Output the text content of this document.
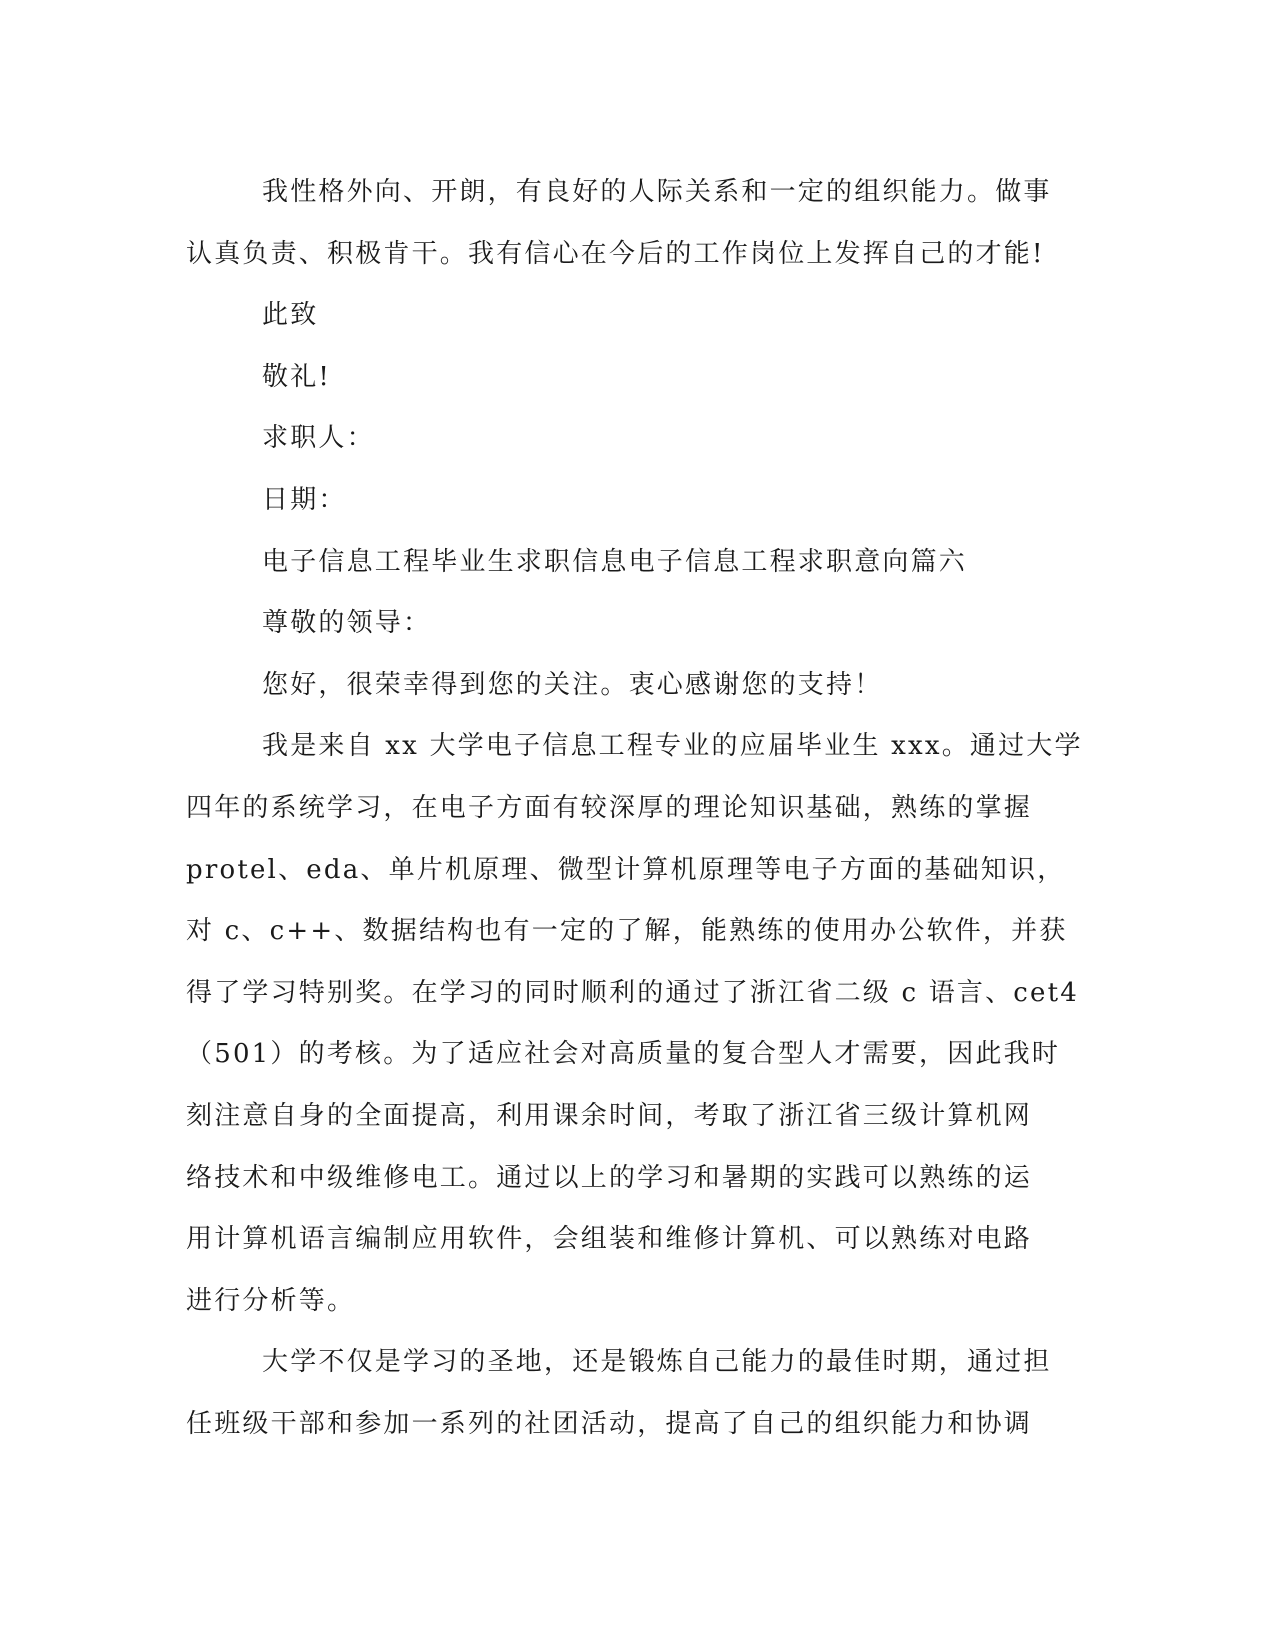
我性格外向、开朗，有良好的人际关系和一定的组织能力。做事

认真负责、积极肯干。我有信心在今后的工作岗位上发挥自己的才能!

此致

敬礼!

求职人：

日期：

电子信息工程毕业生求职信息电子信息工程求职意向篇六

尊敬的领导：

您好，很荣幸得到您的关注。衷心感谢您的支持！

我是来自 xx 大学电子信息工程专业的应届毕业生 xxx。通过大学

四年的系统学习，在电子方面有较深厚的理论知识基础，熟练的掌握

protel、eda、单片机原理、微型计算机原理等电子方面的基础知识，

对 c、c++、数据结构也有一定的了解，能熟练的使用办公软件，并获

得了学习特别奖。在学习的同时顺利的通过了浙江省二级 c 语言、cet4

（501）的考核。为了适应社会对高质量的复合型人才需要，因此我时

刻注意自身的全面提高，利用课余时间，考取了浙江省三级计算机网

络技术和中级维修电工。通过以上的学习和暑期的实践可以熟练的运

用计算机语言编制应用软件，会组装和维修计算机、可以熟练对电路

进行分析等。

大学不仅是学习的圣地，还是锻炼自己能力的最佳时期，通过担

任班级干部和参加一系列的社团活动，提高了自己的组织能力和协调
